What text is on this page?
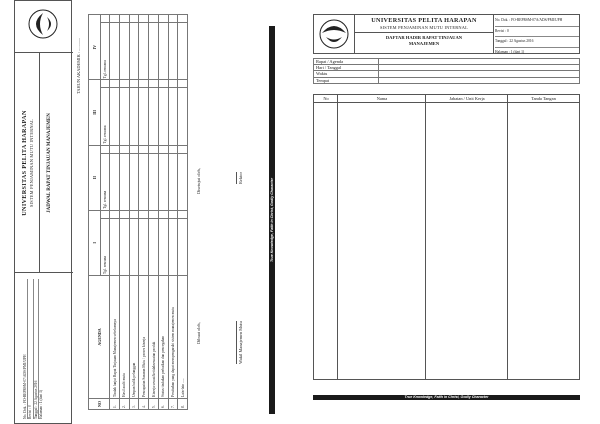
UNIVERSITAS PELITA HARAPAN SISTEM PENJAMINAN MUTU INTERNAL	JADWAL RAPAT TINJAUAN MANAJEMEN
No. Dok. : FO-REPRSM-07/ADS/PMI/UPH Revisi : 0 Tanggal : 22 Agustus 2016 Halaman : 1 (dari 1)
TAHUN AKADEMIK : ............
NO	AGENDA	I		II		III		IV	
		Tgl. rencana		Tgl. rencana		Tgl. rencana		Tgl. rencana	
1.	Tindak lanjut Rapat Tinjauan Manajemen sebelumnya								
2.	Hasil audit mutu								
3.	Umpan balik pelanggan								
4.	Pencapaian Sasaran Mutu / proses kinerja								
5.	Kinerja sesuai/ketidaksesuaian produk								
6.	Status tindakan perbaikan dan pencegahan								
7.	Perubahan yang dapat mempengaruhi sistem manajemen mutu								
8.	Lain-lain .....								
Dibuat oleh,	Wakil Manajemen Mutu
Disetujui oleh,	Rektor	True Knowledge, Faith in Christ, Godly Character
UNIVERSITAS PELITA HARAPAN
SISTEM PENJAMINAN MUTU INTERNAL
DAFTAR HADIR RAPAT TINJAUAN
MANAJEMEN
No. Dok. : FO-REPRSM-07A/ADS/PMI/UPH
Revisi : 0
Tanggal : 22 Agustus 2016
Halaman : 1 (dari 1)
Rapat / Agenda	
Hari / Tanggal	
Waktu	
Tempat	
No	Nama	Jabatan / Unit Kerja	Tanda Tangan
True Knowledge, Faith in Christ, Godly Character
